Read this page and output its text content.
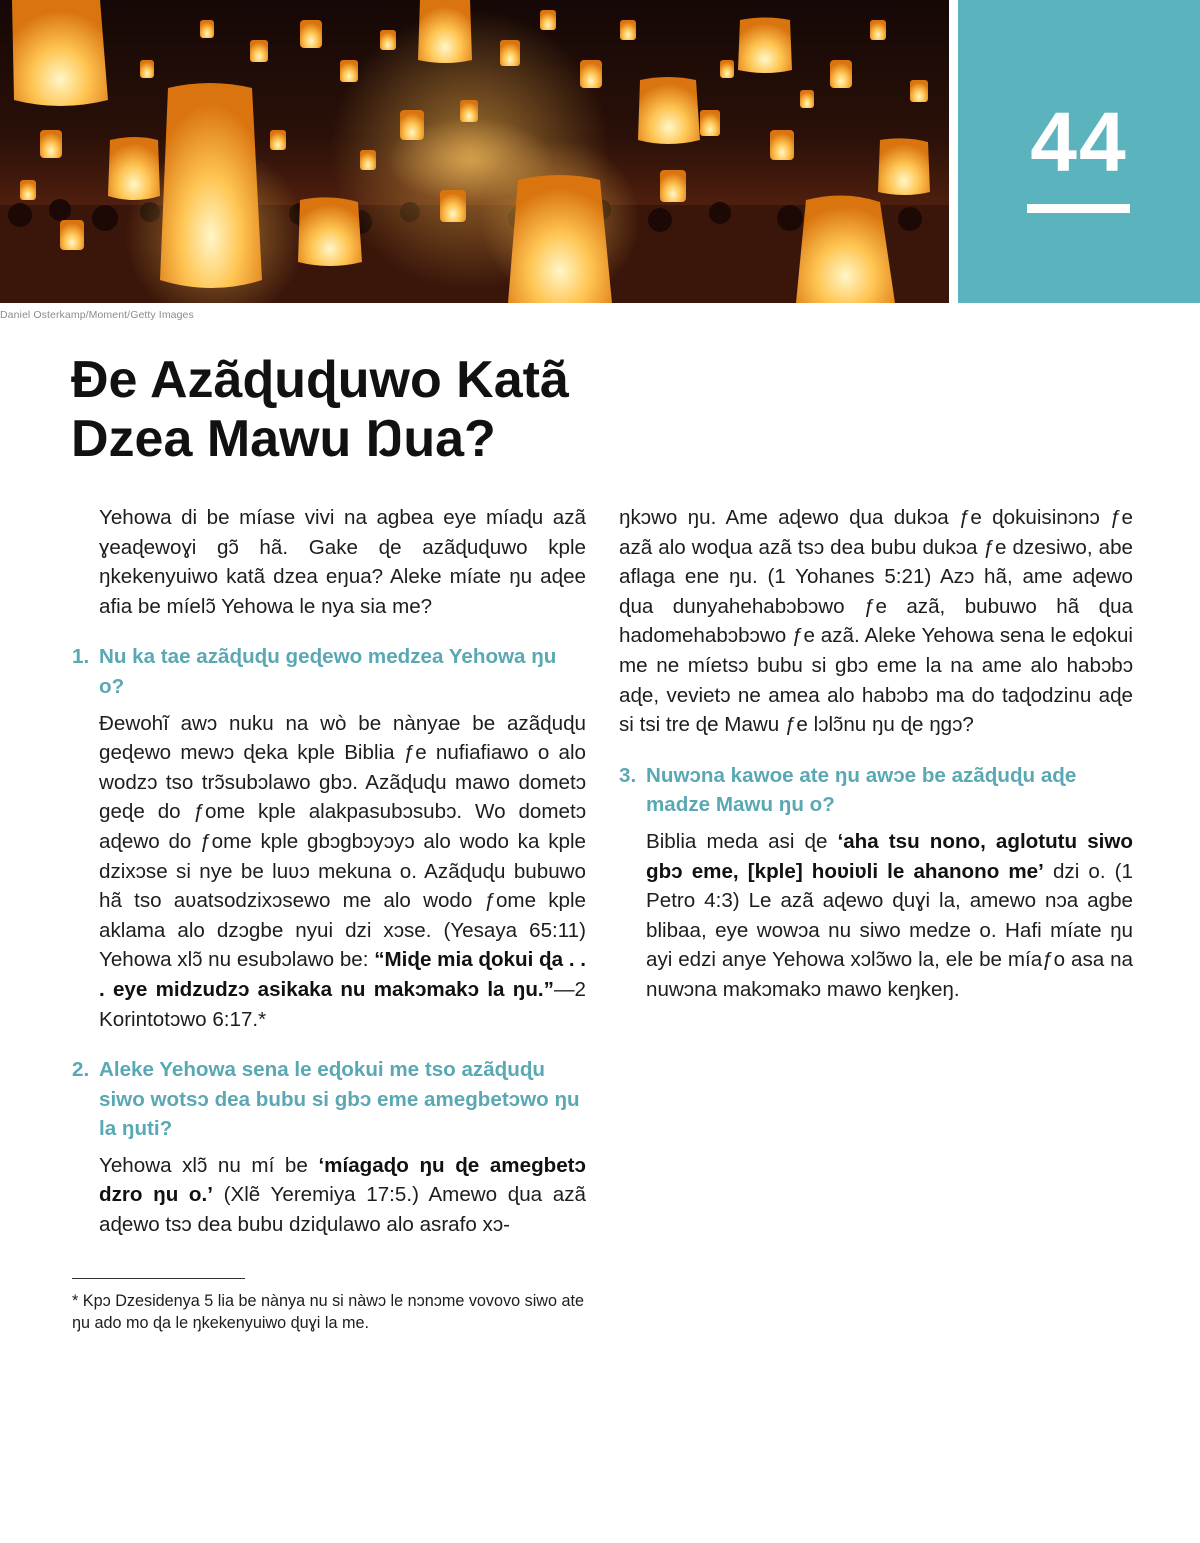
Daniel Osterkamp/Moment/Getty Images
44
Đe Azãɖuɖuwo Katã
Dzea Mawu Ŋua?

Yehowa di be míase vivi na agbea eye míaɖu azã ɣeaɖewoɣi gɔ̃ hã. Gake ɖe azãɖuɖuwo kple ŋkekenyuiwo katã dzea eŋua? Aleke míate ŋu aɖee afia be míelɔ̃ Yehowa le nya sia me?

1. Nu ka tae azãɖuɖu geɖewo medzea Yehowa ŋu o?

Ɖewohĩ awɔ nuku na wò be nànyae be azãɖuɖu geɖewo mewɔ ɖeka kple Biblia ƒe nufiafiawo o alo wodzɔ tso trɔ̃subɔlawo gbɔ. Azãɖuɖu mawo dometɔ geɖe do ƒome kple alakpasubɔsubɔ. Wo dometɔ aɖewo do ƒome kple gbɔgbɔyɔyɔ alo wodo ka kple dzixɔse si nye be luʋɔ mekuna o. Azãɖuɖu bubuwo hã tso aʋatsodzixɔsewo me alo wodo ƒome kple aklama alo dzɔgbe nyui dzi xɔse. (Yesaya 65:11) Yehowa xlɔ̃ nu esubɔlawo be: “Miɖe mia ɖokui ɖa . . . eye midzudzɔ asikaka nu makɔmakɔ la ŋu.”—2 Korintotɔwo 6:17.*

2. Aleke Yehowa sena le eɖokui me tso azãɖuɖu siwo wotsɔ dea bubu si gbɔ eme amegbetɔwo ŋu la ŋuti?

Yehowa xlɔ̃ nu mí be ‘míagaɖo ŋu ɖe amegbetɔ dzro ŋu o.’ (Xlẽ Yeremiya 17:5.) Amewo ɖua azã aɖewo tsɔ dea bubu dziɖulawo alo asrafo xɔ-

ŋkɔwo ŋu. Ame aɖewo ɖua dukɔa ƒe ɖokuisinɔnɔ ƒe azã alo woɖua azã tsɔ dea bubu dukɔa ƒe dzesiwo, abe aflaga ene ŋu. (1 Yohanes 5:21) Azɔ hã, ame aɖewo ɖua dunyahehabɔbɔwo ƒe azã, bubuwo hã ɖua hadomehabɔbɔwo ƒe azã. Aleke Yehowa sena le eɖokui me ne míetsɔ bubu si gbɔ eme la na ame alo habɔbɔ aɖe, vevietɔ ne amea alo habɔbɔ ma do taɖodzinu aɖe si tsi tre ɖe Mawu ƒe lɔlɔ̃nu ŋu ɖe ŋgɔ?

3. Nuwɔna kawoe ate ŋu awɔe be azãɖuɖu aɖe madze Mawu ŋu o?

Biblia meda asi ɖe ‘aha tsu nono, aglotutu siwo gbɔ eme, [kple] hoʋiʋli le ahanono me’ dzi o. (1 Petro 4:3) Le azã aɖewo ɖuɣi la, amewo nɔa agbe blibaa, eye wowɔa nu siwo medze o. Hafi míate ŋu ayi edzi anye Yehowa xɔlɔ̃wo la, ele be míaƒo asa na nuwɔna makɔmakɔ mawo keŋkeŋ.

* Kpɔ Dzesidenya 5 lia be nànya nu si nàwɔ le nɔnɔme vovovo siwo ate ŋu ado mo ɖa le ŋkekenyuiwo ɖuɣi la me.
